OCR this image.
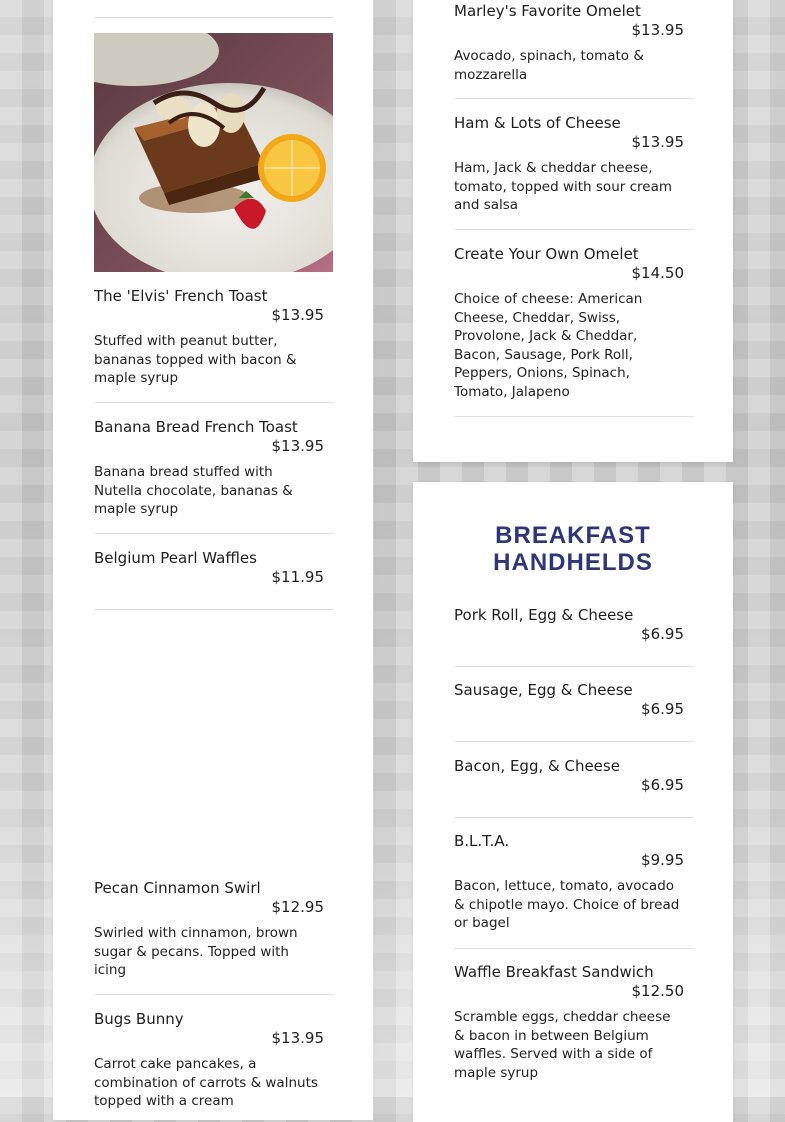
The 'Elvis' French Toast
$13.95
Stuffed with peanut butter, bananas topped with bacon & maple syrup
Banana Bread French Toast
$13.95
Banana bread stuffed with Nutella chocolate, bananas & maple syrup
Belgium Pearl Waffles
$11.95
Pecan Cinnamon Swirl
$12.95
Swirled with cinnamon, brown sugar & pecans. Topped with icing
Bugs Bunny
$13.95
Carrot cake pancakes, a combination of carrots & walnuts topped with a cream
Marley's Favorite Omelet
$13.95
Avocado, spinach, tomato & mozzarella
Ham & Lots of Cheese
$13.95
Ham, Jack & cheddar cheese, tomato, topped with sour cream and salsa
Create Your Own Omelet
$14.50
Choice of cheese: American Cheese, Cheddar, Swiss, Provolone, Jack & Cheddar, Bacon, Sausage, Pork Roll, Peppers, Onions, Spinach, Tomato, Jalapeno
BREAKFAST
HANDHELDS
Pork Roll, Egg & Cheese
$6.95
Sausage, Egg & Cheese
$6.95
Bacon, Egg, & Cheese
$6.95
B.L.T.A.
$9.95
Bacon, lettuce, tomato, avocado & chipotle mayo. Choice of bread or bagel
Waffle Breakfast Sandwich
$12.50
Scramble eggs, cheddar cheese & bacon in between Belgium waffles. Served with a side of maple syrup
